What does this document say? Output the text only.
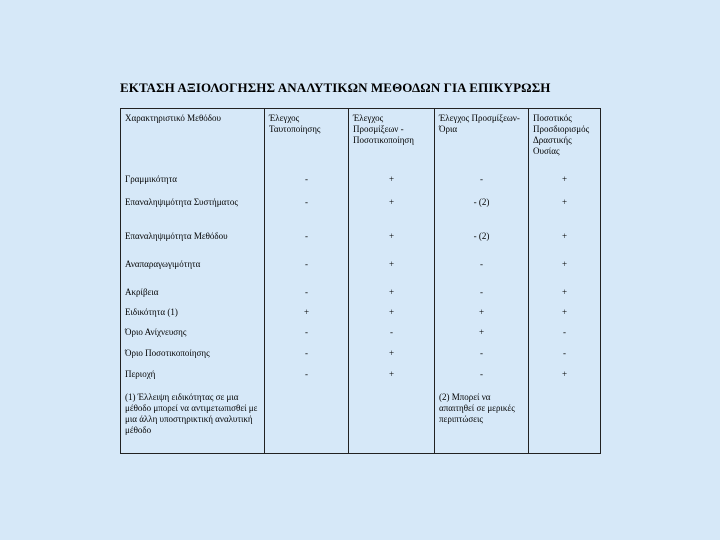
ΕΚΤΑΣΗ ΑΞΙΟΛΟΓΗΣΗΣ ΑΝΑΛΥΤΙΚΩΝ ΜΕΘΟΔΩΝ ΓΙΑ ΕΠΙΚΥΡΩΣΗ
Χαρακτηριστικό Μεθόδου	Έλεγχος Ταυτοποίησης	Έλεγχος Προσμίξεων - Ποσοτικοποίηση	Έλεγχος Προσμίξεων- Όρια	Ποσοτικός Προσδιορισμός Δραστικής Ουσίας
Γραμμικότητα	-	+	-	+
Επαναληψιμότητα Συστήματος	-	+	- (2)	+
Επαναληψιμότητα Μεθόδου	-	+	- (2)	+
Αναπαραγωγιμότητα	-	+	-	+
Ακρίβεια	-	+	-	+
Ειδικότητα (1)	+	+	+	+
Όριο Ανίχνευσης	-	-	+	-
Όριο Ποσοτικοποίησης	-	+	-	-
Περιοχή	-	+	-	+
(1) Έλλειψη ειδικότητας σε μια μέθοδο μπορεί να αντιμετωπισθεί με μια άλλη υποστηρικτική αναλυτική μέθοδο			(2) Μπορεί να απαιτηθεί σε μερικές περιπτώσεις	
